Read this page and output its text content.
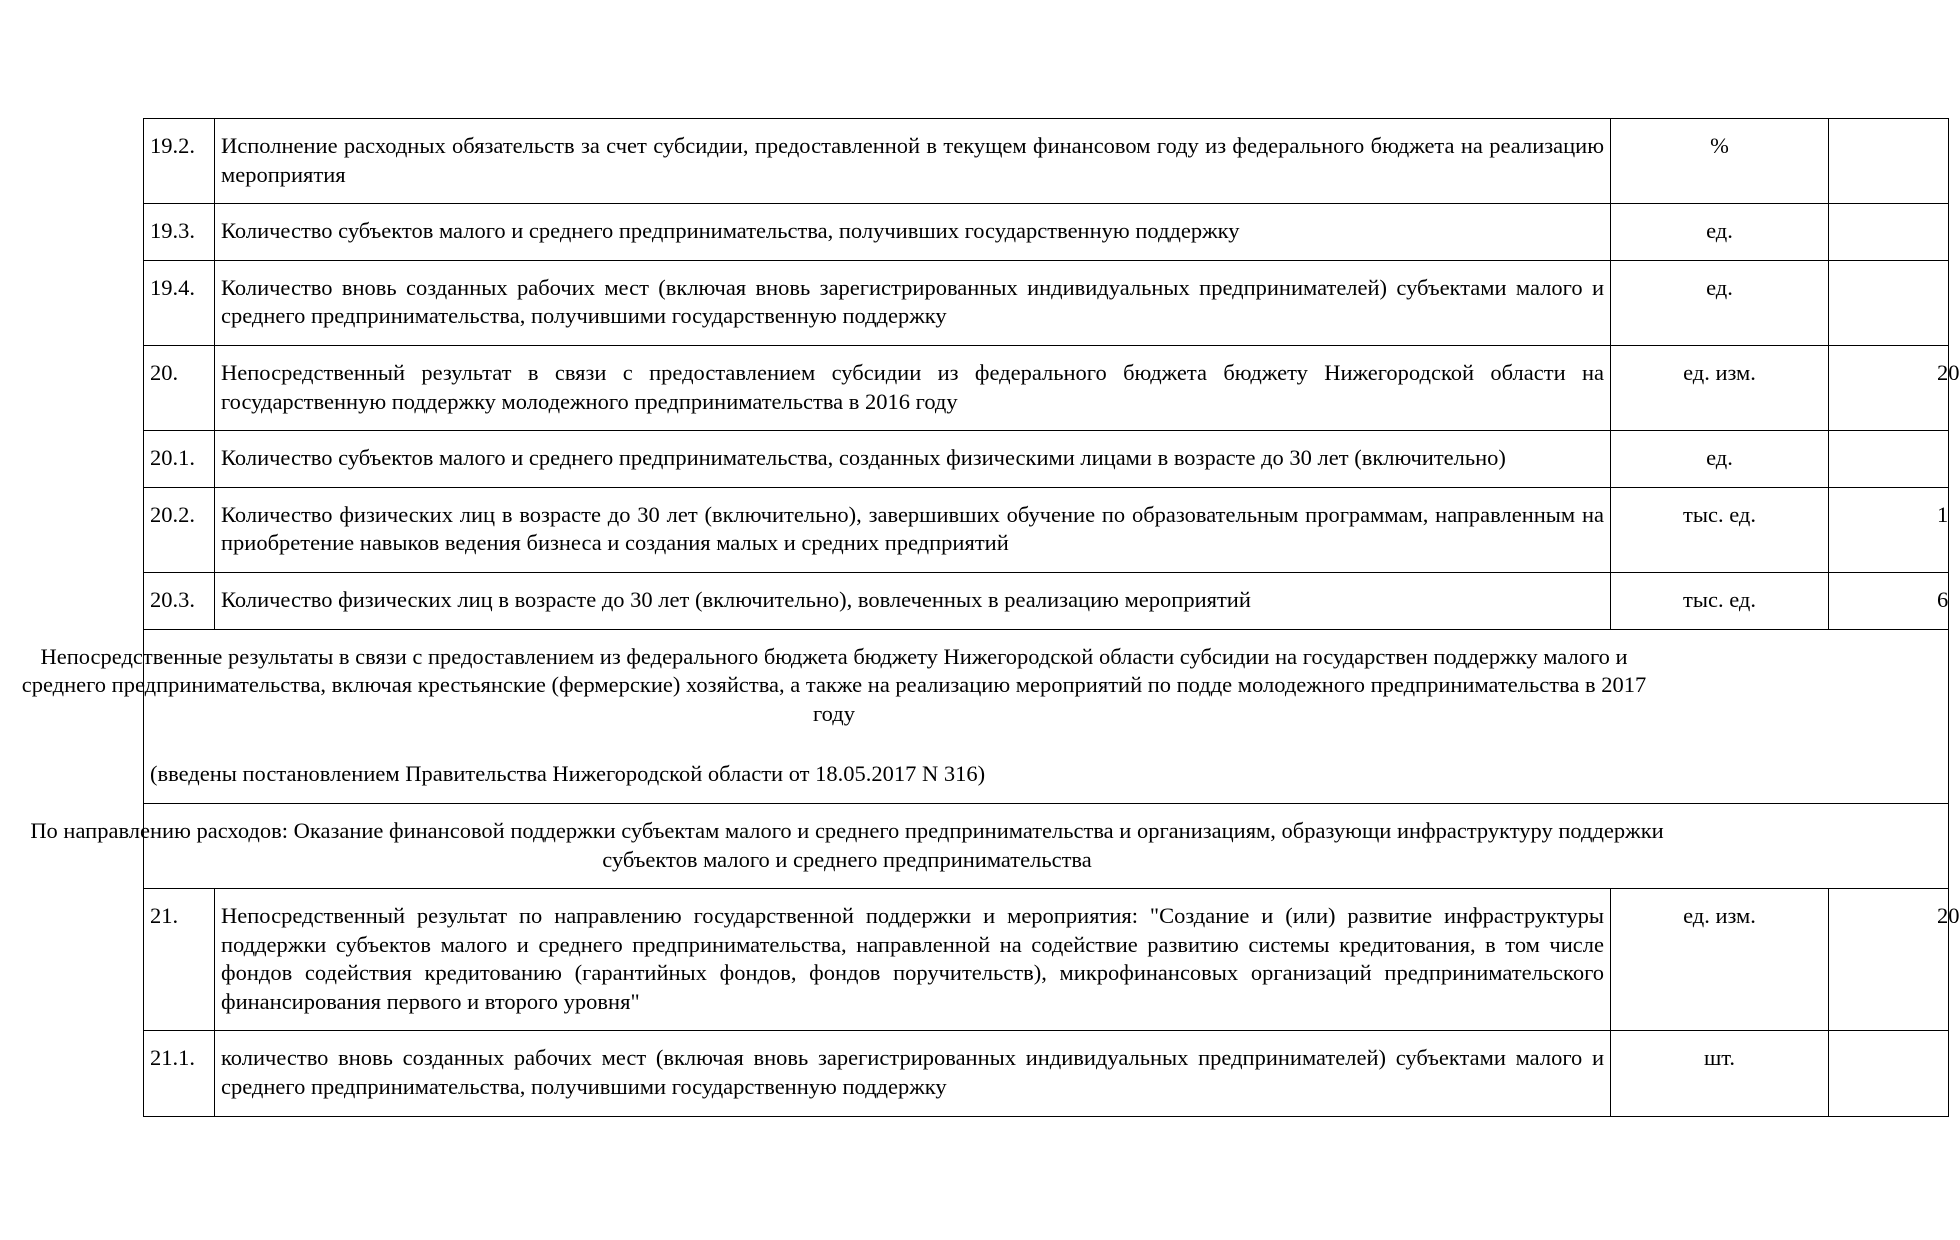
19.2.	Исполнение расходных обязательств за счет субсидии, предоставленной в текущем финансовом году из федерального бюджета на реализацию мероприятия	%	
19.3.	Количество субъектов малого и среднего предпринимательства, получивших государственную поддержку	ед.	
19.4.	Количество вновь созданных рабочих мест (включая вновь зарегистрированных индивидуальных предпринимателей) субъектами малого и среднего предпринимательства, получившими государственную поддержку	ед.	
20.	Непосредственный результат в связи с предоставлением субсидии из федерального бюджета бюджету Нижегородской области на государственную поддержку молодежного предпринимательства в 2016 году	ед. изм.	20
20.1.	Количество субъектов малого и среднего предпринимательства, созданных физическими лицами в возрасте до 30 лет (включительно)	ед.	
20.2.	Количество физических лиц в возрасте до 30 лет (включительно), завершивших обучение по образовательным программам, направленным на приобретение навыков ведения бизнеса и создания малых и средних предприятий	тыс. ед.	1
20.3.	Количество физических лиц в возрасте до 30 лет (включительно), вовлеченных в реализацию мероприятий	тыс. ед.	6

Непосредственные результаты в связи с предоставлением из федерального бюджета бюджету Нижегородской области субсидии на государствен поддержку малого и среднего предпринимательства, включая крестьянские (фермерские) хозяйства, а также на реализацию мероприятий по подде молодежного предпринимательства в 2017 году
(введены постановлением Правительства Нижегородской области от 18.05.2017 N 316)			

По направлению расходов: Оказание финансовой поддержки субъектам малого и среднего предпринимательства и организациям, образующи инфраструктуру поддержки субъектов малого и среднего предпринимательства			

21.	Непосредственный результат по направлению государственной поддержки и мероприятия: "Создание и (или) развитие инфраструктуры поддержки субъектов малого и среднего предпринимательства, направленной на содействие развитию системы кредитования, в том числе фондов содействия кредитованию (гарантийных фондов, фондов поручительств), микрофинансовых организаций предпринимательского финансирования первого и второго уровня"	ед. изм.	20
21.1.	количество вновь созданных рабочих мест (включая вновь зарегистрированных индивидуальных предпринимателей) субъектами малого и среднего предпринимательства, получившими государственную поддержку	шт.	
